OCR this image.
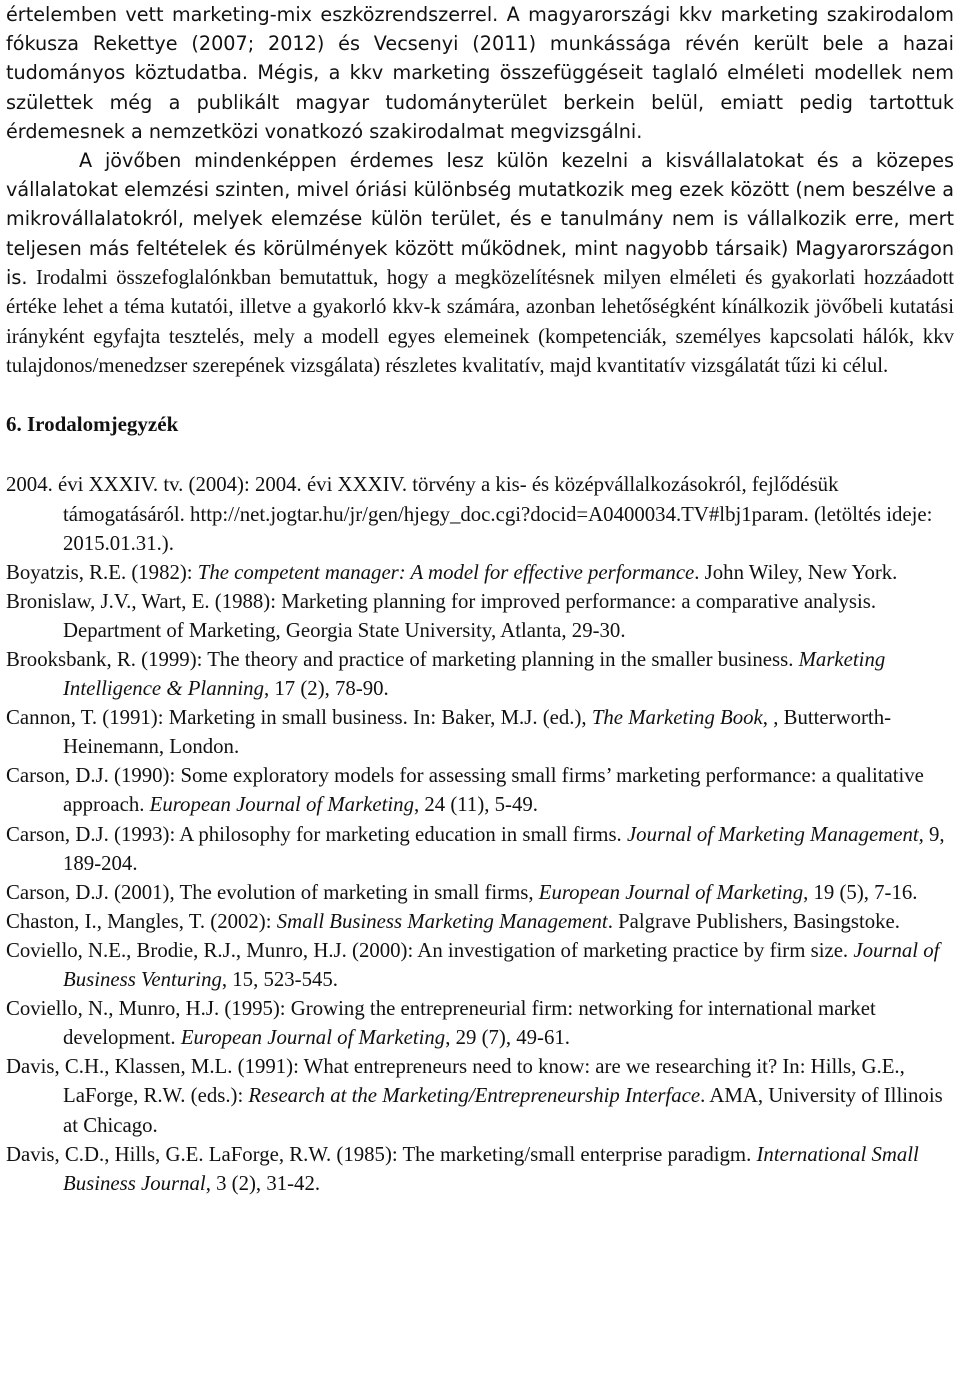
értelemben vett marketing-mix eszközrendszerrel. A magyarországi kkv marketing szakirodalom fókusza Rekettye (2007; 2012) és Vecsenyi (2011) munkássága révén került bele a hazai tudományos köztudatba. Mégis, a kkv marketing összefüggéseit taglaló elméleti modellek nem születtek még a publikált magyar tudományterület berkein belül, emiatt pedig tartottuk érdemesnek a nemzetközi vonatkozó szakirodalmat megvizsgálni.

A jövőben mindenképpen érdemes lesz külön kezelni a kisvállalatokat és a közepes vállalatokat elemzési szinten, mivel óriási különbség mutatkozik meg ezek között (nem beszélve a mikrovállalatokról, melyek elemzése külön terület, és e tanulmány nem is vállalkozik erre, mert teljesen más feltételek és körülmények között működnek, mint nagyobb társaik) Magyarországon is. Irodalmi összefoglalónkban bemutattuk, hogy a megközelítésnek milyen elméleti és gyakorlati hozzáadott értéke lehet a téma kutatói, illetve a gyakorló kkv-k számára, azonban lehetőségként kínálkozik jövőbeli kutatási irányként egyfajta tesztelés, mely a modell egyes elemeinek (kompetenciák, személyes kapcsolati hálók, kkv tulajdonos/menedzser szerepének vizsgálata) részletes kvalitatív, majd kvantitatív vizsgálatát tűzi ki célul.

6. Irodalomjegyzék

2004. évi XXXIV. tv. (2004): 2004. évi XXXIV. törvény a kis- és középvállalkozásokról, fejlődésük támogatásáról. http://net.jogtar.hu/jr/gen/hjegy_doc.cgi?docid=A0400034.TV#lbj1param. (letöltés ideje: 2015.01.31.).

Boyatzis, R.E. (1982): The competent manager: A model for effective performance. John Wiley, New York.

Bronislaw, J.V., Wart, E. (1988): Marketing planning for improved performance: a comparative analysis. Department of Marketing, Georgia State University, Atlanta, 29-30.

Brooksbank, R. (1999): The theory and practice of marketing planning in the smaller business. Marketing Intelligence & Planning, 17 (2), 78-90.

Cannon, T. (1991): Marketing in small business. In: Baker, M.J. (ed.), The Marketing Book, , Butterworth-Heinemann, London.

Carson, D.J. (1990): Some exploratory models for assessing small firms’ marketing performance: a qualitative approach. European Journal of Marketing, 24 (11), 5-49.

Carson, D.J. (1993): A philosophy for marketing education in small firms. Journal of Marketing Management, 9, 189-204.

Carson, D.J. (2001), The evolution of marketing in small firms, European Journal of Marketing, 19 (5), 7-16.

Chaston, I., Mangles, T. (2002): Small Business Marketing Management. Palgrave Publishers, Basingstoke.

Coviello, N.E., Brodie, R.J., Munro, H.J. (2000): An investigation of marketing practice by firm size. Journal of Business Venturing, 15, 523-545.

Coviello, N., Munro, H.J. (1995): Growing the entrepreneurial firm: networking for international market development. European Journal of Marketing, 29 (7), 49-61.

Davis, C.H., Klassen, M.L. (1991): What entrepreneurs need to know: are we researching it? In: Hills, G.E., LaForge, R.W. (eds.): Research at the Marketing/Entrepreneurship Interface. AMA, University of Illinois at Chicago.

Davis, C.D., Hills, G.E. LaForge, R.W. (1985): The marketing/small enterprise paradigm. International Small Business Journal, 3 (2), 31-42.
